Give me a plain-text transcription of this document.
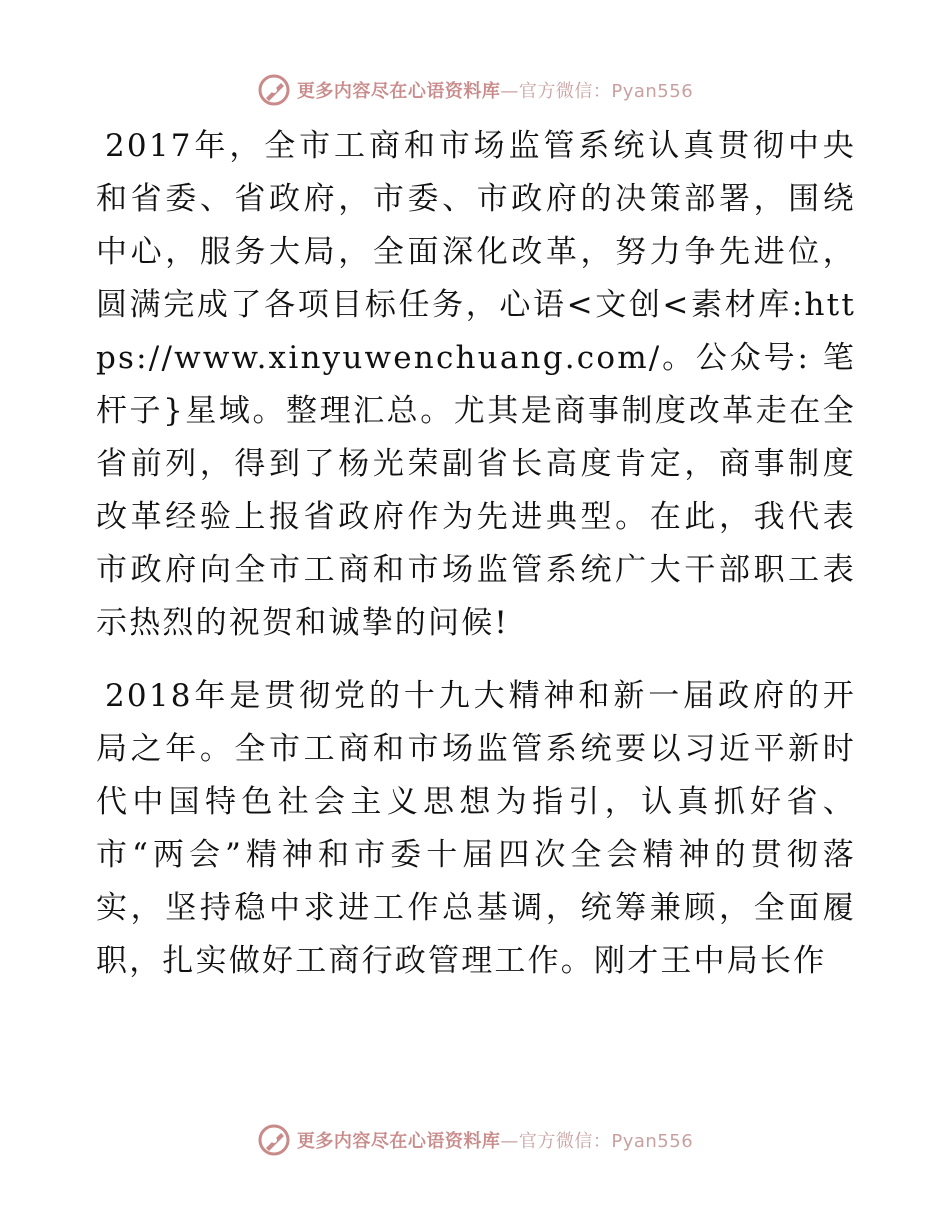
更多内容尽在心语资料库—官方微信：Pyan556

2017年，全市工商和市场监管系统认真贯彻中央和省委、省政府，市委、市政府的决策部署，围绕中心，服务大局，全面深化改革，努力争先进位，圆满完成了各项目标任务，心语<文创<素材库:https://www.xinyuwenchuang.com/。公众号: 笔杆子}星域。整理汇总。尤其是商事制度改革走在全省前列，得到了杨光荣副省长高度肯定，商事制度改革经验上报省政府作为先进典型。在此，我代表市政府向全市工商和市场监管系统广大干部职工表示热烈的祝贺和诚挚的问候!

2018年是贯彻党的十九大精神和新一届政府的开局之年。全市工商和市场监管系统要以习近平新时代中国特色社会主义思想为指引，认真抓好省、市“两会”精神和市委十届四次全会精神的贯彻落实，坚持稳中求进工作总基调，统筹兼顾，全面履职，扎实做好工商行政管理工作。刚才王中局长作

更多内容尽在心语资料库—官方微信：Pyan556
